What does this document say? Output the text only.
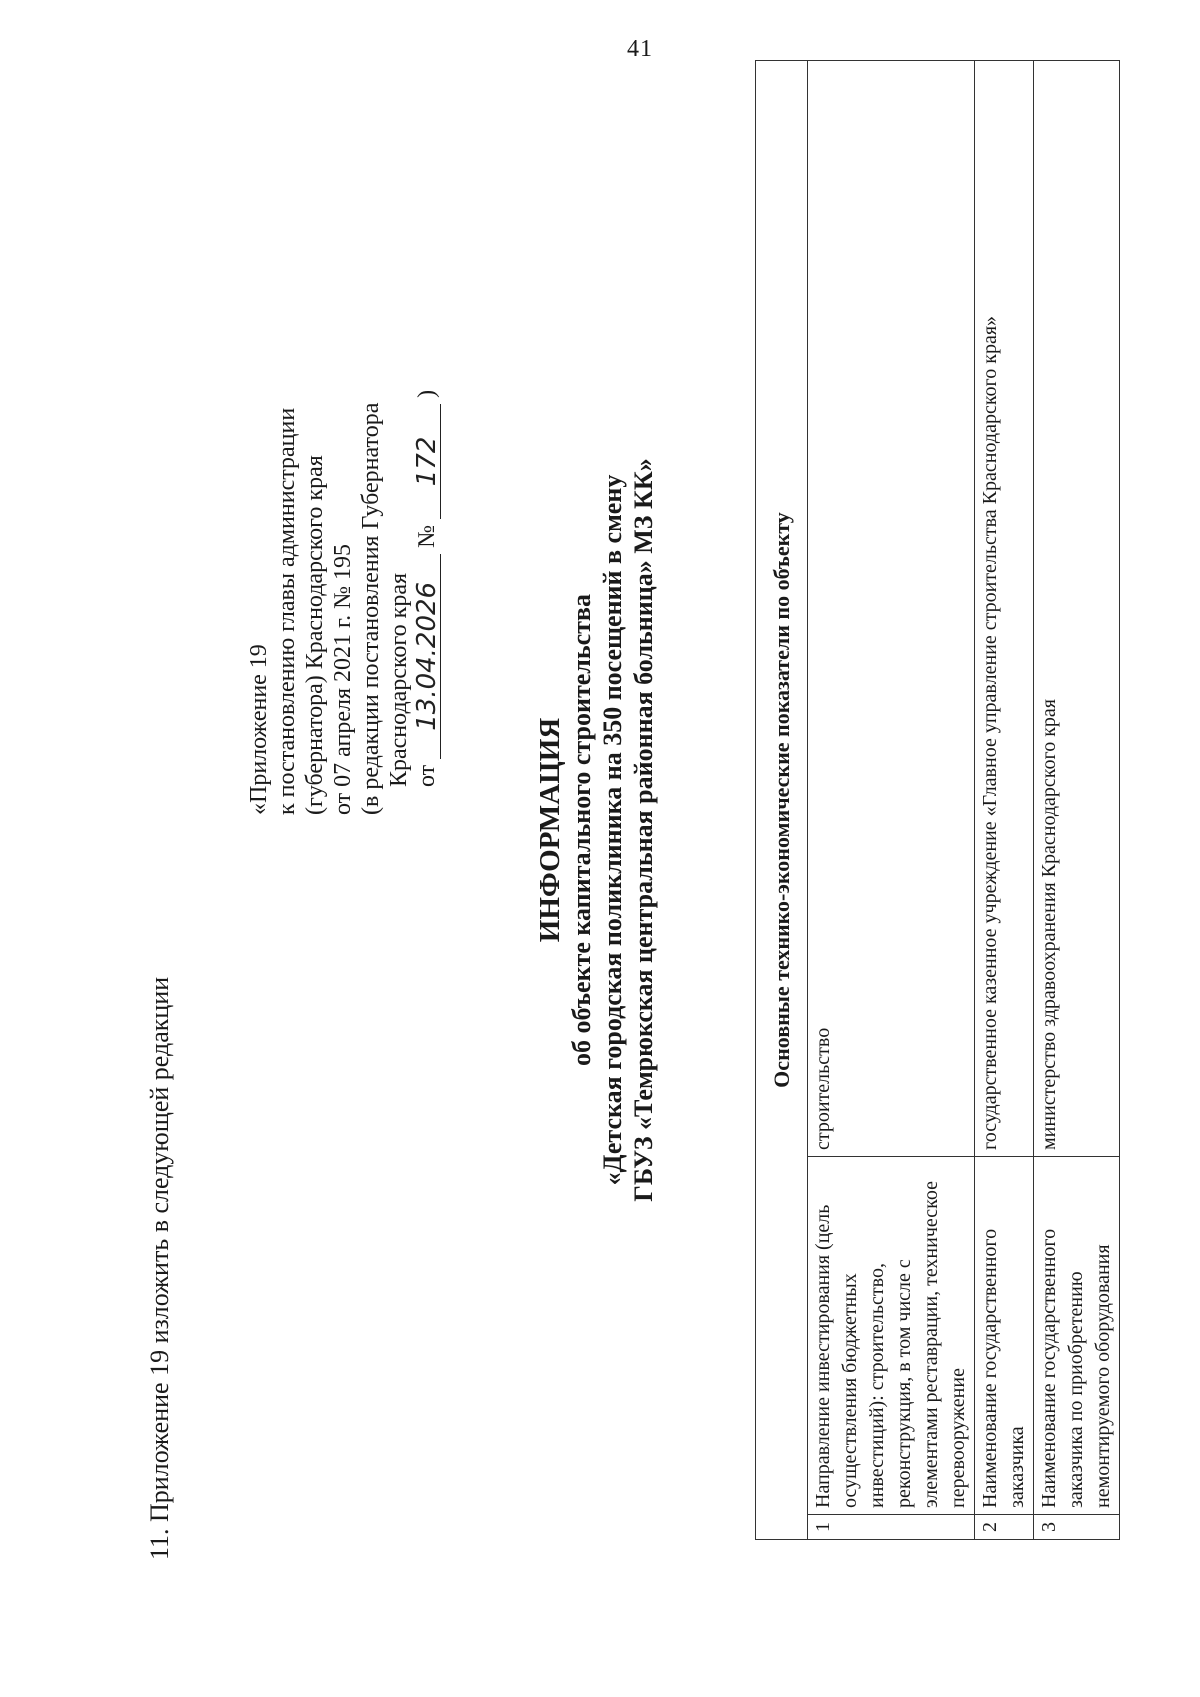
41
11. Приложение 19 изложить в следующей редакции
«Приложение 19 к постановлению главы администрации (губернатора) Краснодарского края от 07 апреля 2021 г. № 195 (в редакции постановления Губернатора Краснодарского края от
13.04.2026
№
172
)
ИНФОРМАЦИЯ об объекте капитального строительства «Детская городская поликлиника на 350 посещений в смену ГБУЗ «Темрюкская центральная районная больница» МЗ КК»	Основные технико-экономические показатели по объекту		
1	Направление инвестирования (цель осуществления бюджетных инвестиций): строительство, реконструкция, в том числе с элементами реставрации, техническое перевооружение	строительство
2	Наименование государственного заказчика	государственное казенное учреждение «Главное управление строительства Краснодарского края»
3	Наименование государственного заказчика по приобретению немонтируемого оборудования	министерство здравоохранения Краснодарского края
